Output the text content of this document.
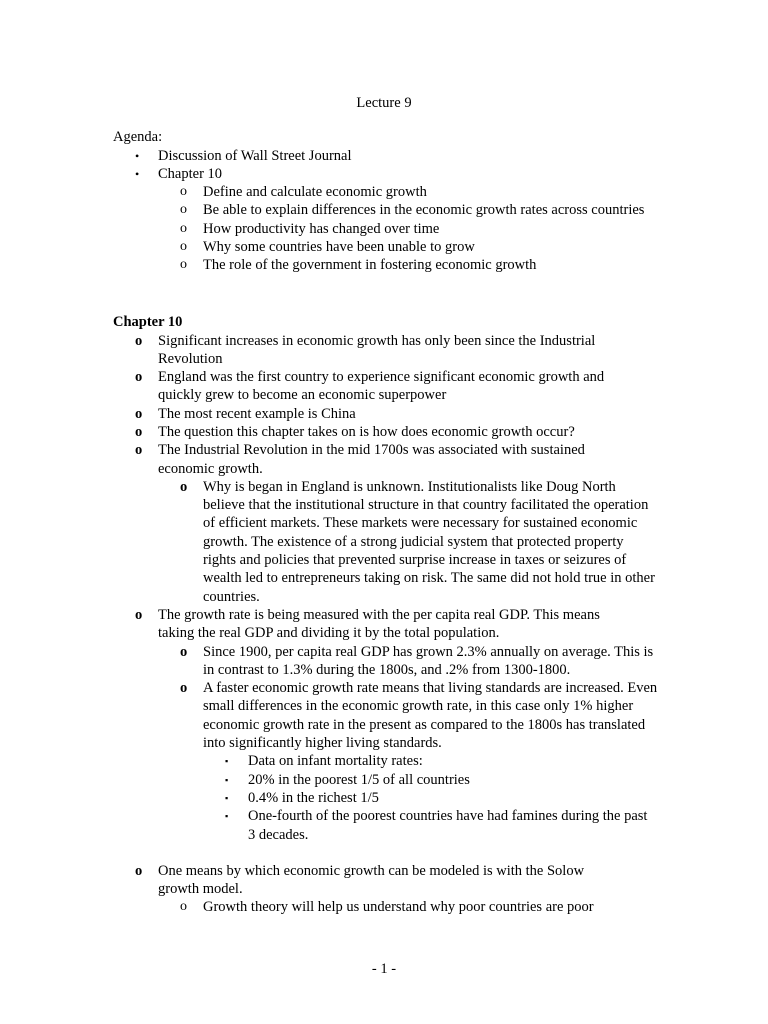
Lecture 9
Agenda:
• Discussion of Wall Street Journal
• Chapter 10
o Define and calculate economic growth
o Be able to explain differences in the economic growth rates across countries
o How productivity has changed over time
o Why some countries have been unable to grow
o The role of the government in fostering economic growth
Chapter 10
o Significant increases in economic growth has only been since the Industrial Revolution
o England was the first country to experience significant economic growth and quickly grew to become an economic superpower
o The most recent example is China
o The question this chapter takes on is how does economic growth occur?
o The Industrial Revolution in the mid 1700s was associated with sustained economic growth.
o Why is began in England is unknown. Institutionalists like Doug North believe that the institutional structure in that country facilitated the operation of efficient markets. These markets were necessary for sustained economic growth. The existence of a strong judicial system that protected property rights and policies that prevented surprise increase in taxes or seizures of wealth led to entrepreneurs taking on risk. The same did not hold true in other countries.
o The growth rate is being measured with the per capita real GDP. This means taking the real GDP and dividing it by the total population.
o Since 1900, per capita real GDP has grown 2.3% annually on average. This is in contrast to 1.3% during the 1800s, and .2% from 1300-1800.
o A faster economic growth rate means that living standards are increased. Even small differences in the economic growth rate, in this case only 1% higher economic growth rate in the present as compared to the 1800s has translated into significantly higher living standards.
▪ Data on infant mortality rates:
▪ 20% in the poorest 1/5 of all countries
▪ 0.4% in the richest 1/5
▪ One-fourth of the poorest countries have had famines during the past 3 decades.
o One means by which economic growth can be modeled is with the Solow growth model.
o Growth theory will help us understand why poor countries are poor
- 1 -
